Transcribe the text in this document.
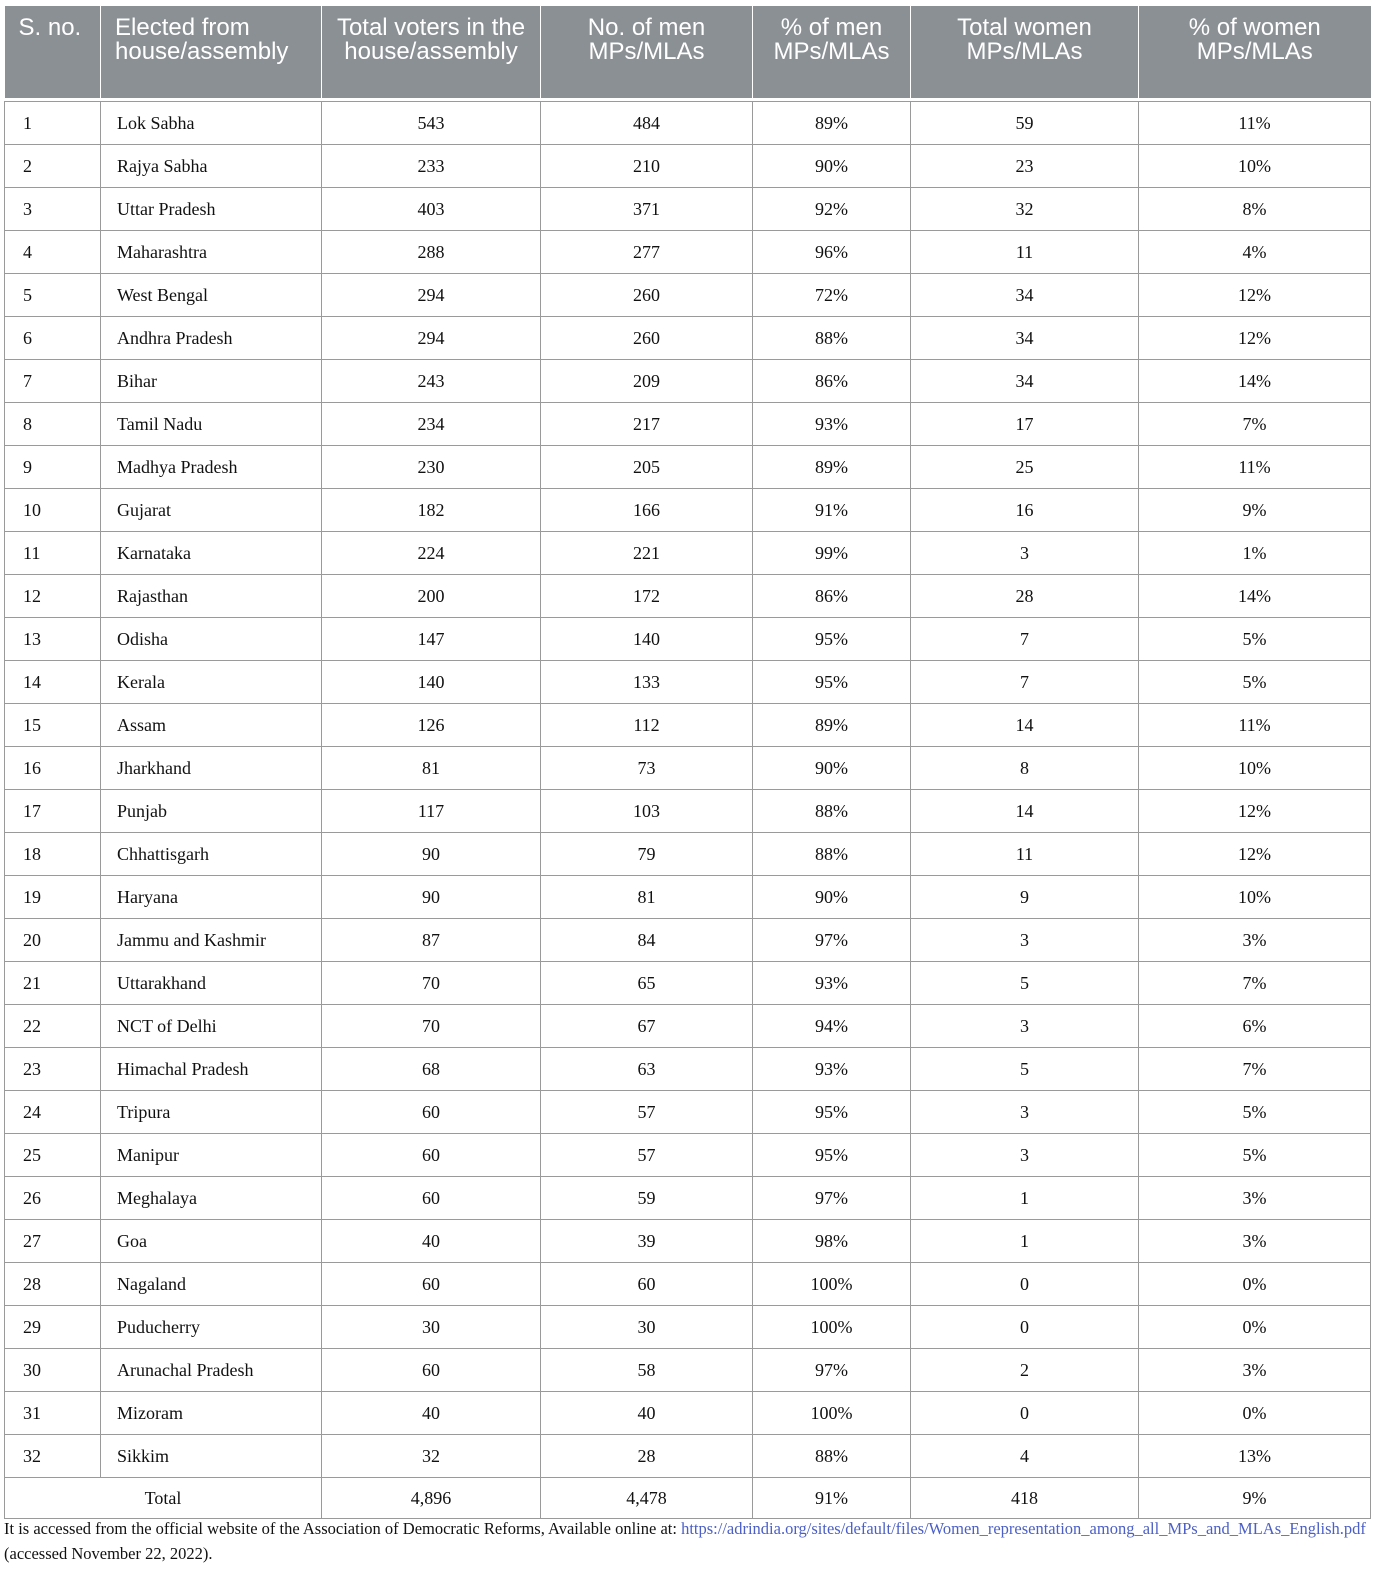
S. no.	Elected from house/assembly	Total voters in the house/assembly	No. of men MPs/MLAs	% of men MPs/MLAs	Total women MPs/MLAs	% of women MPs/MLAs

1	Lok Sabha	543	484	89%	59	11%
2	Rajya Sabha	233	210	90%	23	10%
3	Uttar Pradesh	403	371	92%	32	8%
4	Maharashtra	288	277	96%	11	4%
5	West Bengal	294	260	72%	34	12%
6	Andhra Pradesh	294	260	88%	34	12%
7	Bihar	243	209	86%	34	14%
8	Tamil Nadu	234	217	93%	17	7%
9	Madhya Pradesh	230	205	89%	25	11%
10	Gujarat	182	166	91%	16	9%
11	Karnataka	224	221	99%	3	1%
12	Rajasthan	200	172	86%	28	14%
13	Odisha	147	140	95%	7	5%
14	Kerala	140	133	95%	7	5%
15	Assam	126	112	89%	14	11%
16	Jharkhand	81	73	90%	8	10%
17	Punjab	117	103	88%	14	12%
18	Chhattisgarh	90	79	88%	11	12%
19	Haryana	90	81	90%	9	10%
20	Jammu and Kashmir	87	84	97%	3	3%
21	Uttarakhand	70	65	93%	5	7%
22	NCT of Delhi	70	67	94%	3	6%
23	Himachal Pradesh	68	63	93%	5	7%
24	Tripura	60	57	95%	3	5%
25	Manipur	60	57	95%	3	5%
26	Meghalaya	60	59	97%	1	3%
27	Goa	40	39	98%	1	3%
28	Nagaland	60	60	100%	0	0%
29	Puducherry	30	30	100%	0	0%
30	Arunachal Pradesh	60	58	97%	2	3%
31	Mizoram	40	40	100%	0	0%
32	Sikkim	32	28	88%	4	13%
Total		4,896	4,478	91%	418	9%
It is accessed from the official website of the Association of Democratic Reforms, Available online at: https://adrindia.org/sites/default/files/Women_representation_among_all_MPs_and_MLAs_English.pdf (accessed November 22, 2022).
